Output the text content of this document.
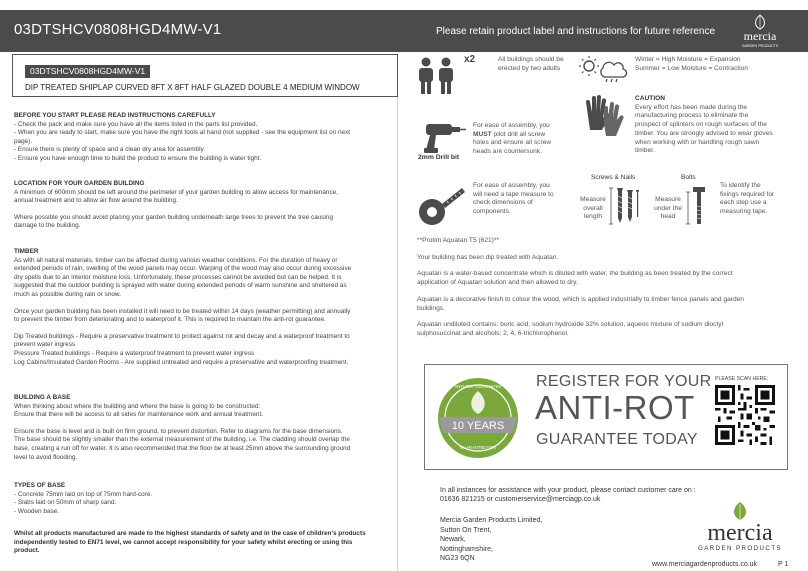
03DTSHCV0808HGD4MW-V1	Please retain product label and instructions for future reference mercia
GARDEN PRODUCTS
03DTSHCV0808HGD4MW-V1
DIP TREATED SHIPLAP CURVED 8FT X 8FT HALF GLAZED DOUBLE 4 MEDIUM WINDOW
BEFORE YOU START PLEASE READ INSTRUCTIONS CAREFULLY
- Check the pack and make sure you have all the items listed in the parts list provided.
- When you are ready to start, make sure you have the right tools at hand (not supplied - see the equipment list on next
page).
- Ensure there is plenty of space and a clean dry area for assembly.
- Ensure you have enough time to build the product to ensure the building is water tight.
LOCATION FOR YOUR GARDEN BUILDING
A minimum of 600mm should be left around the perimeter of your garden building to allow access for maintenance,
annual treatment and to allow air flow around the building.
Where possible you should avoid placing your garden building underneath large trees to prevent the tree causing
damage to the building.
TIMBER
As with all natural materials, timber can be affected during various weather conditions. For the duration of heavy or
extended periods of rain, swelling of the wood panels may occur. Warping of the wood may also occur during excessive
dry spells due to an interior moisture loss. Unfortunately, these processes cannot be avoided but can be helped. It is
suggested that the outdoor building is sprayed with water during extended periods of warm sunshine and sheltered as
much as possible during rain or snow.
Once your garden building has been installed it will need to be treated within 14 days (weather permitting) and annually
to prevent the timber from deteriorating and to waterproof it. This is required to maintain the anti-rot guarantee.
Dip Treated buildings - Require a preservative treatment to protect against rot and decay and a waterproof treatment to
prevent water ingress
Pressure Treated buildings - Require a waterproof treatment to prevent water ingress
Log Cabins/Insulated Garden Rooms - Are supplied untreated and require a preservative and waterproofing treatment.
BUILDING A BASE
When thinking about where the building and where the base is going to be constructed:
Ensure that there will be access to all sides for maintenance work and annual treatment.
Ensure the base is level and is built on firm ground, to prevent distortion. Refer to diagrams for the base dimensions.
The base should be slightly smaller than the external measurement of the building, i.e. The cladding should overlap the
base, creating a run off for water. It is also recommended that the floor be at least 25mm above the surrounding ground
level to avoid flooding.
TYPES OF BASE
- Concrete 75mm laid on top of 75mm hard-core.
- Slabs laid on 50mm of sharp sand.
- Wooden base.
Whilst all products manufactured are made to the highest standards of safety and in the case of children's products
independently tested to EN71 level, we cannot accept responsibility for your safety whilst erecting or using this
product.
x2	All buildings should be
erected by two adults
Winter = High Moisture = Expansion
Summer = Low Moisture = Contraction
2mm Drill bit
For ease of assembly, you
MUST pilot drill all screw
holes and ensure all screw
heads are countersunk.
CAUTION
Every effort has been made during the
manufacturing process to eliminate the
prospect of splinters on rough surfaces of the
timber. You are strongly advised to wear gloves
when working with or handling rough sawn
timber.
For ease of assembly, you
will need a tape measure to
check dimensions of
components.
Screws & Nails	Bolts
Measure
overall
length
Measure
under the
head
To identify the
fixings required for
each step use a
measuring tape.
**Protim Aquatan T5 (621)**
Your building has been dip treated with Aquatan.
Aquatan is a water-based concentrate which is diluted with water, the building as been treated by the correct
application of Aquatan solution and then allowed to dry.
Aquatan is a decorative finish to colour the wood, which is applied industrially to timber fence panels and garden
buildings.
Aquatan undiluted contains: boric acid, sodium hydroxide 32% solution, aqueos mixture of sodium dioctyl
sulphosuccinat and alcohols: 2, 4, 6-trichlorophenol.
10 YEARS
ANTI-ROT GUARANTEE
GUARANTEE FOR
REGISTER FOR YOUR
ANTI-ROT
GUARANTEE TODAY
PLEASE SCAN HERE:
In all instances for assistance with your product, please contact customer care on :
01636 821215 or customerservice@merciagp.co.uk
Mercia Garden Products Limited,
Sutton On Trent,
Newark,
Nottinghamshire,
NG23 6QN
mercia
GARDEN PRODUCTS
www.merciagardenproducts.co.uk	P 1
